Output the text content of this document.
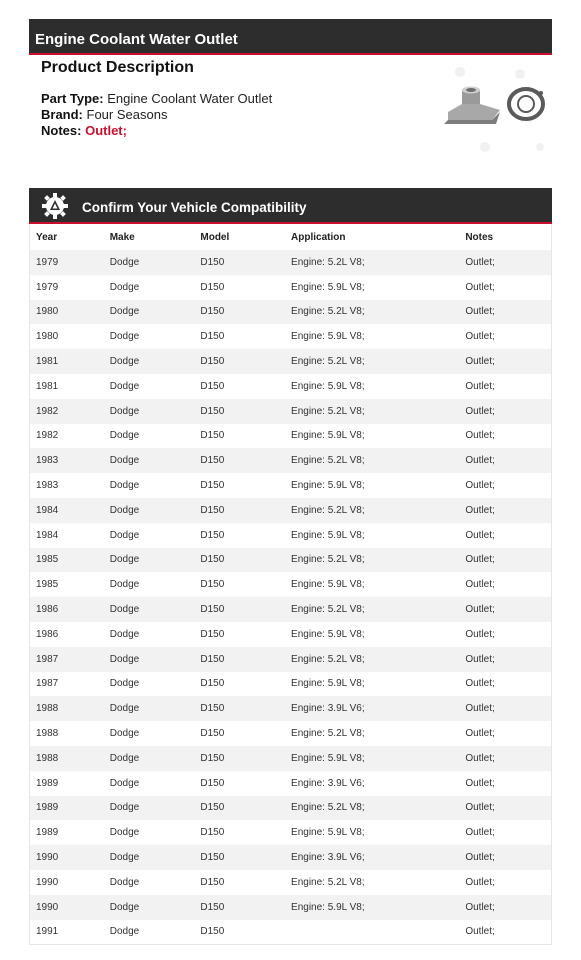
Engine Coolant Water Outlet
Product Description
Part Type: Engine Coolant Water Outlet
Brand: Four Seasons
Notes: Outlet;
Confirm Your Vehicle Compatibility
Year	Make	Model	Application	Notes
1979	Dodge	D150	Engine: 5.2L V8;	Outlet;
1979	Dodge	D150	Engine: 5.9L V8;	Outlet;
1980	Dodge	D150	Engine: 5.2L V8;	Outlet;
1980	Dodge	D150	Engine: 5.9L V8;	Outlet;
1981	Dodge	D150	Engine: 5.2L V8;	Outlet;
1981	Dodge	D150	Engine: 5.9L V8;	Outlet;
1982	Dodge	D150	Engine: 5.2L V8;	Outlet;
1982	Dodge	D150	Engine: 5.9L V8;	Outlet;
1983	Dodge	D150	Engine: 5.2L V8;	Outlet;
1983	Dodge	D150	Engine: 5.9L V8;	Outlet;
1984	Dodge	D150	Engine: 5.2L V8;	Outlet;
1984	Dodge	D150	Engine: 5.9L V8;	Outlet;
1985	Dodge	D150	Engine: 5.2L V8;	Outlet;
1985	Dodge	D150	Engine: 5.9L V8;	Outlet;
1986	Dodge	D150	Engine: 5.2L V8;	Outlet;
1986	Dodge	D150	Engine: 5.9L V8;	Outlet;
1987	Dodge	D150	Engine: 5.2L V8;	Outlet;
1987	Dodge	D150	Engine: 5.9L V8;	Outlet;
1988	Dodge	D150	Engine: 3.9L V6;	Outlet;
1988	Dodge	D150	Engine: 5.2L V8;	Outlet;
1988	Dodge	D150	Engine: 5.9L V8;	Outlet;
1989	Dodge	D150	Engine: 3.9L V6;	Outlet;
1989	Dodge	D150	Engine: 5.2L V8;	Outlet;
1989	Dodge	D150	Engine: 5.9L V8;	Outlet;
1990	Dodge	D150	Engine: 3.9L V6;	Outlet;
1990	Dodge	D150	Engine: 5.2L V8;	Outlet;
1990	Dodge	D150	Engine: 5.9L V8;	Outlet;
1991	Dodge	D150		Outlet;
